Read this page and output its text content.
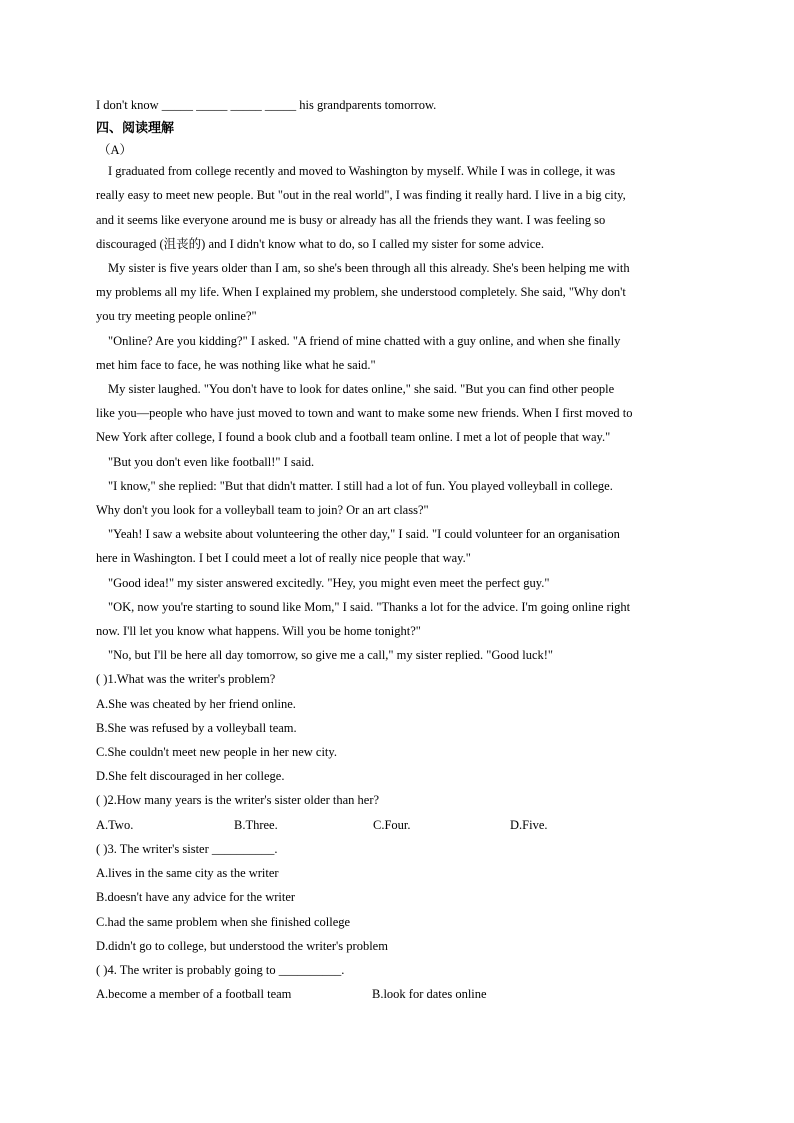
I don't know _____ _____ _____ _____ his grandparents tomorrow.
四、阅读理解
（A）
I graduated from college recently and moved to Washington by myself. While I was in college, it was
really easy to meet new people. But "out in the real world", I was finding it really hard. I live in a big city,
and it seems like everyone around me is busy or already has all the friends they want. I was feeling so
discouraged (沮丧的) and I didn't know what to do, so I called my sister for some advice.
My sister is five years older than I am, so she's been through all this already. She's been helping me with
my problems all my life. When I explained my problem, she understood completely. She said, "Why don't
you try meeting people online?"
"Online? Are you kidding?" I asked. "A friend of mine chatted with a guy online, and when she finally
met him face to face, he was nothing like what he said."
My sister laughed. "You don't have to look for dates online," she said. "But you can find other people
like you—people who have just moved to town and want to make some new friends. When I first moved to
New York after college, I found a book club and a football team online. I met a lot of people that way."
"But you don't even like football!" I said.
"I know," she replied: "But that didn't matter. I still had a lot of fun. You played volleyball in college.
Why don't you look for a volleyball team to join? Or an art class?"
"Yeah! I saw a website about volunteering the other day," I said. "I could volunteer for an organisation
here in Washington. I bet I could meet a lot of really nice people that way."
"Good idea!" my sister answered excitedly. "Hey, you might even meet the perfect guy."
"OK, now you're starting to sound like Mom," I said. "Thanks a lot for the advice. I'm going online right
now. I'll let you know what happens. Will you be home tonight?"
"No, but I'll be here all day tomorrow, so give me a call," my sister replied. "Good luck!"
( )1.What was the writer's problem?
A.She was cheated by her friend online.
B.She was refused by a volleyball team.
C.She couldn't meet new people in her new city.
D.She felt discouraged in her college.
( )2.How many years is the writer's sister older than her?
A.Two.	B.Three.	C.Four.	D.Five.
( )3. The writer's sister __________.
A.lives in the same city as the writer
B.doesn't have any advice for the writer
C.had the same problem when she finished college
D.didn't go to college, but understood the writer's problem
( )4. The writer is probably going to __________.
A.become a member of a football team	B.look for dates online
